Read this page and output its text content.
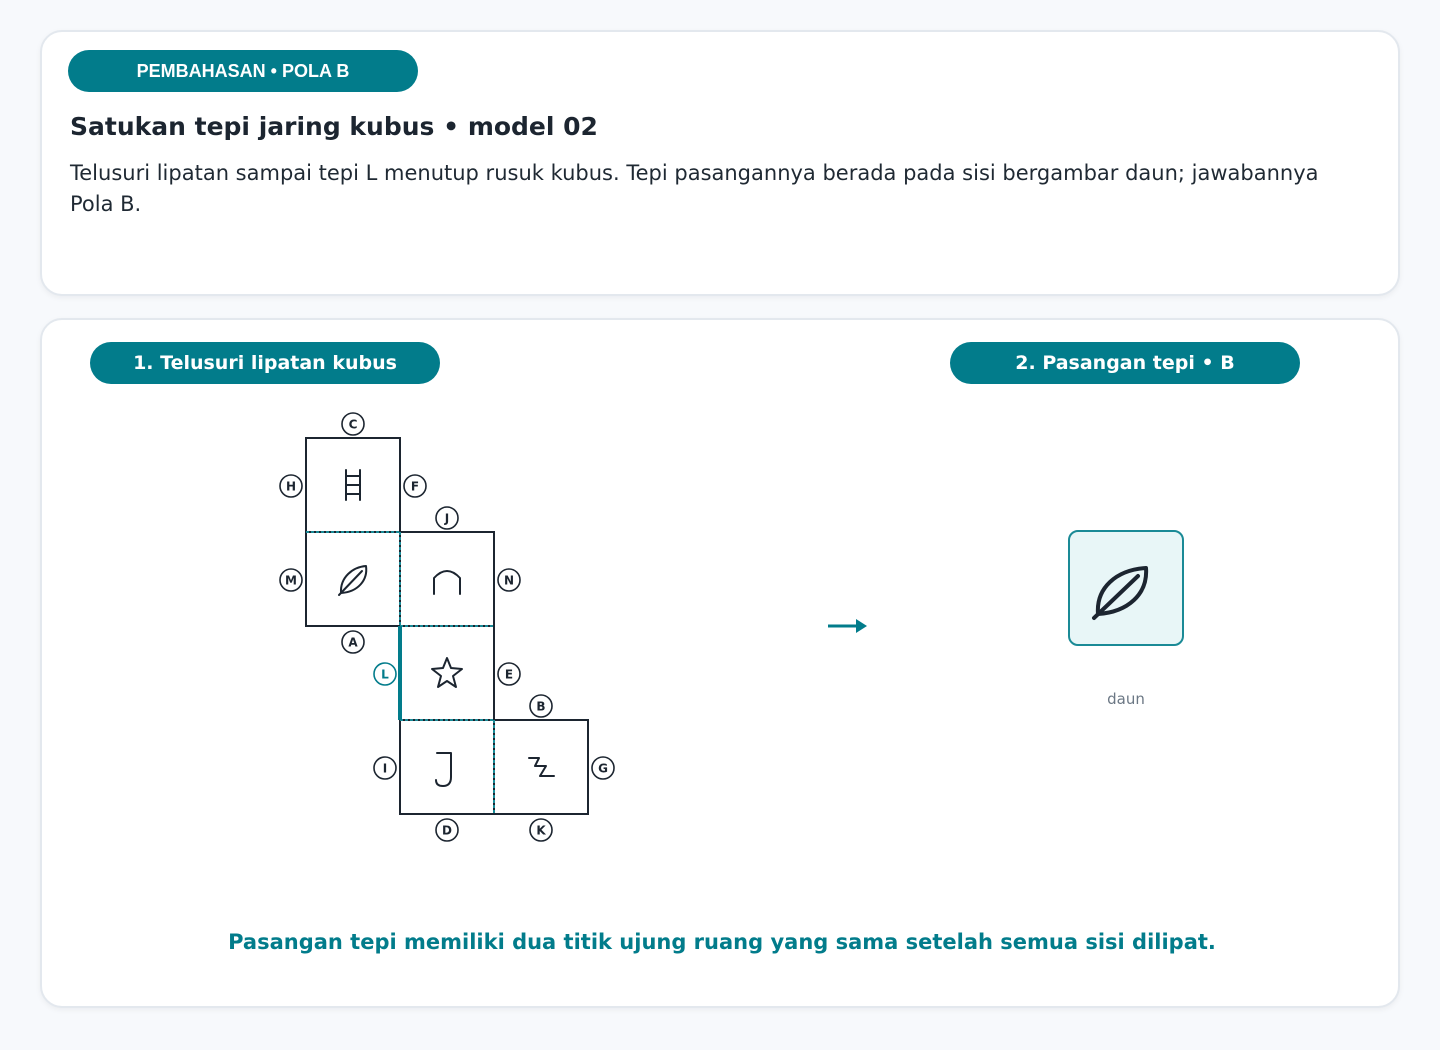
PEMBAHASAN • POLA B
Satukan tepi jaring kubus • model 02
Telusuri lipatan sampai tepi L menutup rusuk kubus. Tepi pasangannya berada pada sisi bergambar daun; jawabannya Pola B.
1. Telusuri lipatan kubus	2. Pasangan tepi • B
C
H	F
J
M	N
A
L	E
B
I	G
D	K
daun
Pasangan tepi memiliki dua titik ujung ruang yang sama setelah semua sisi dilipat.
